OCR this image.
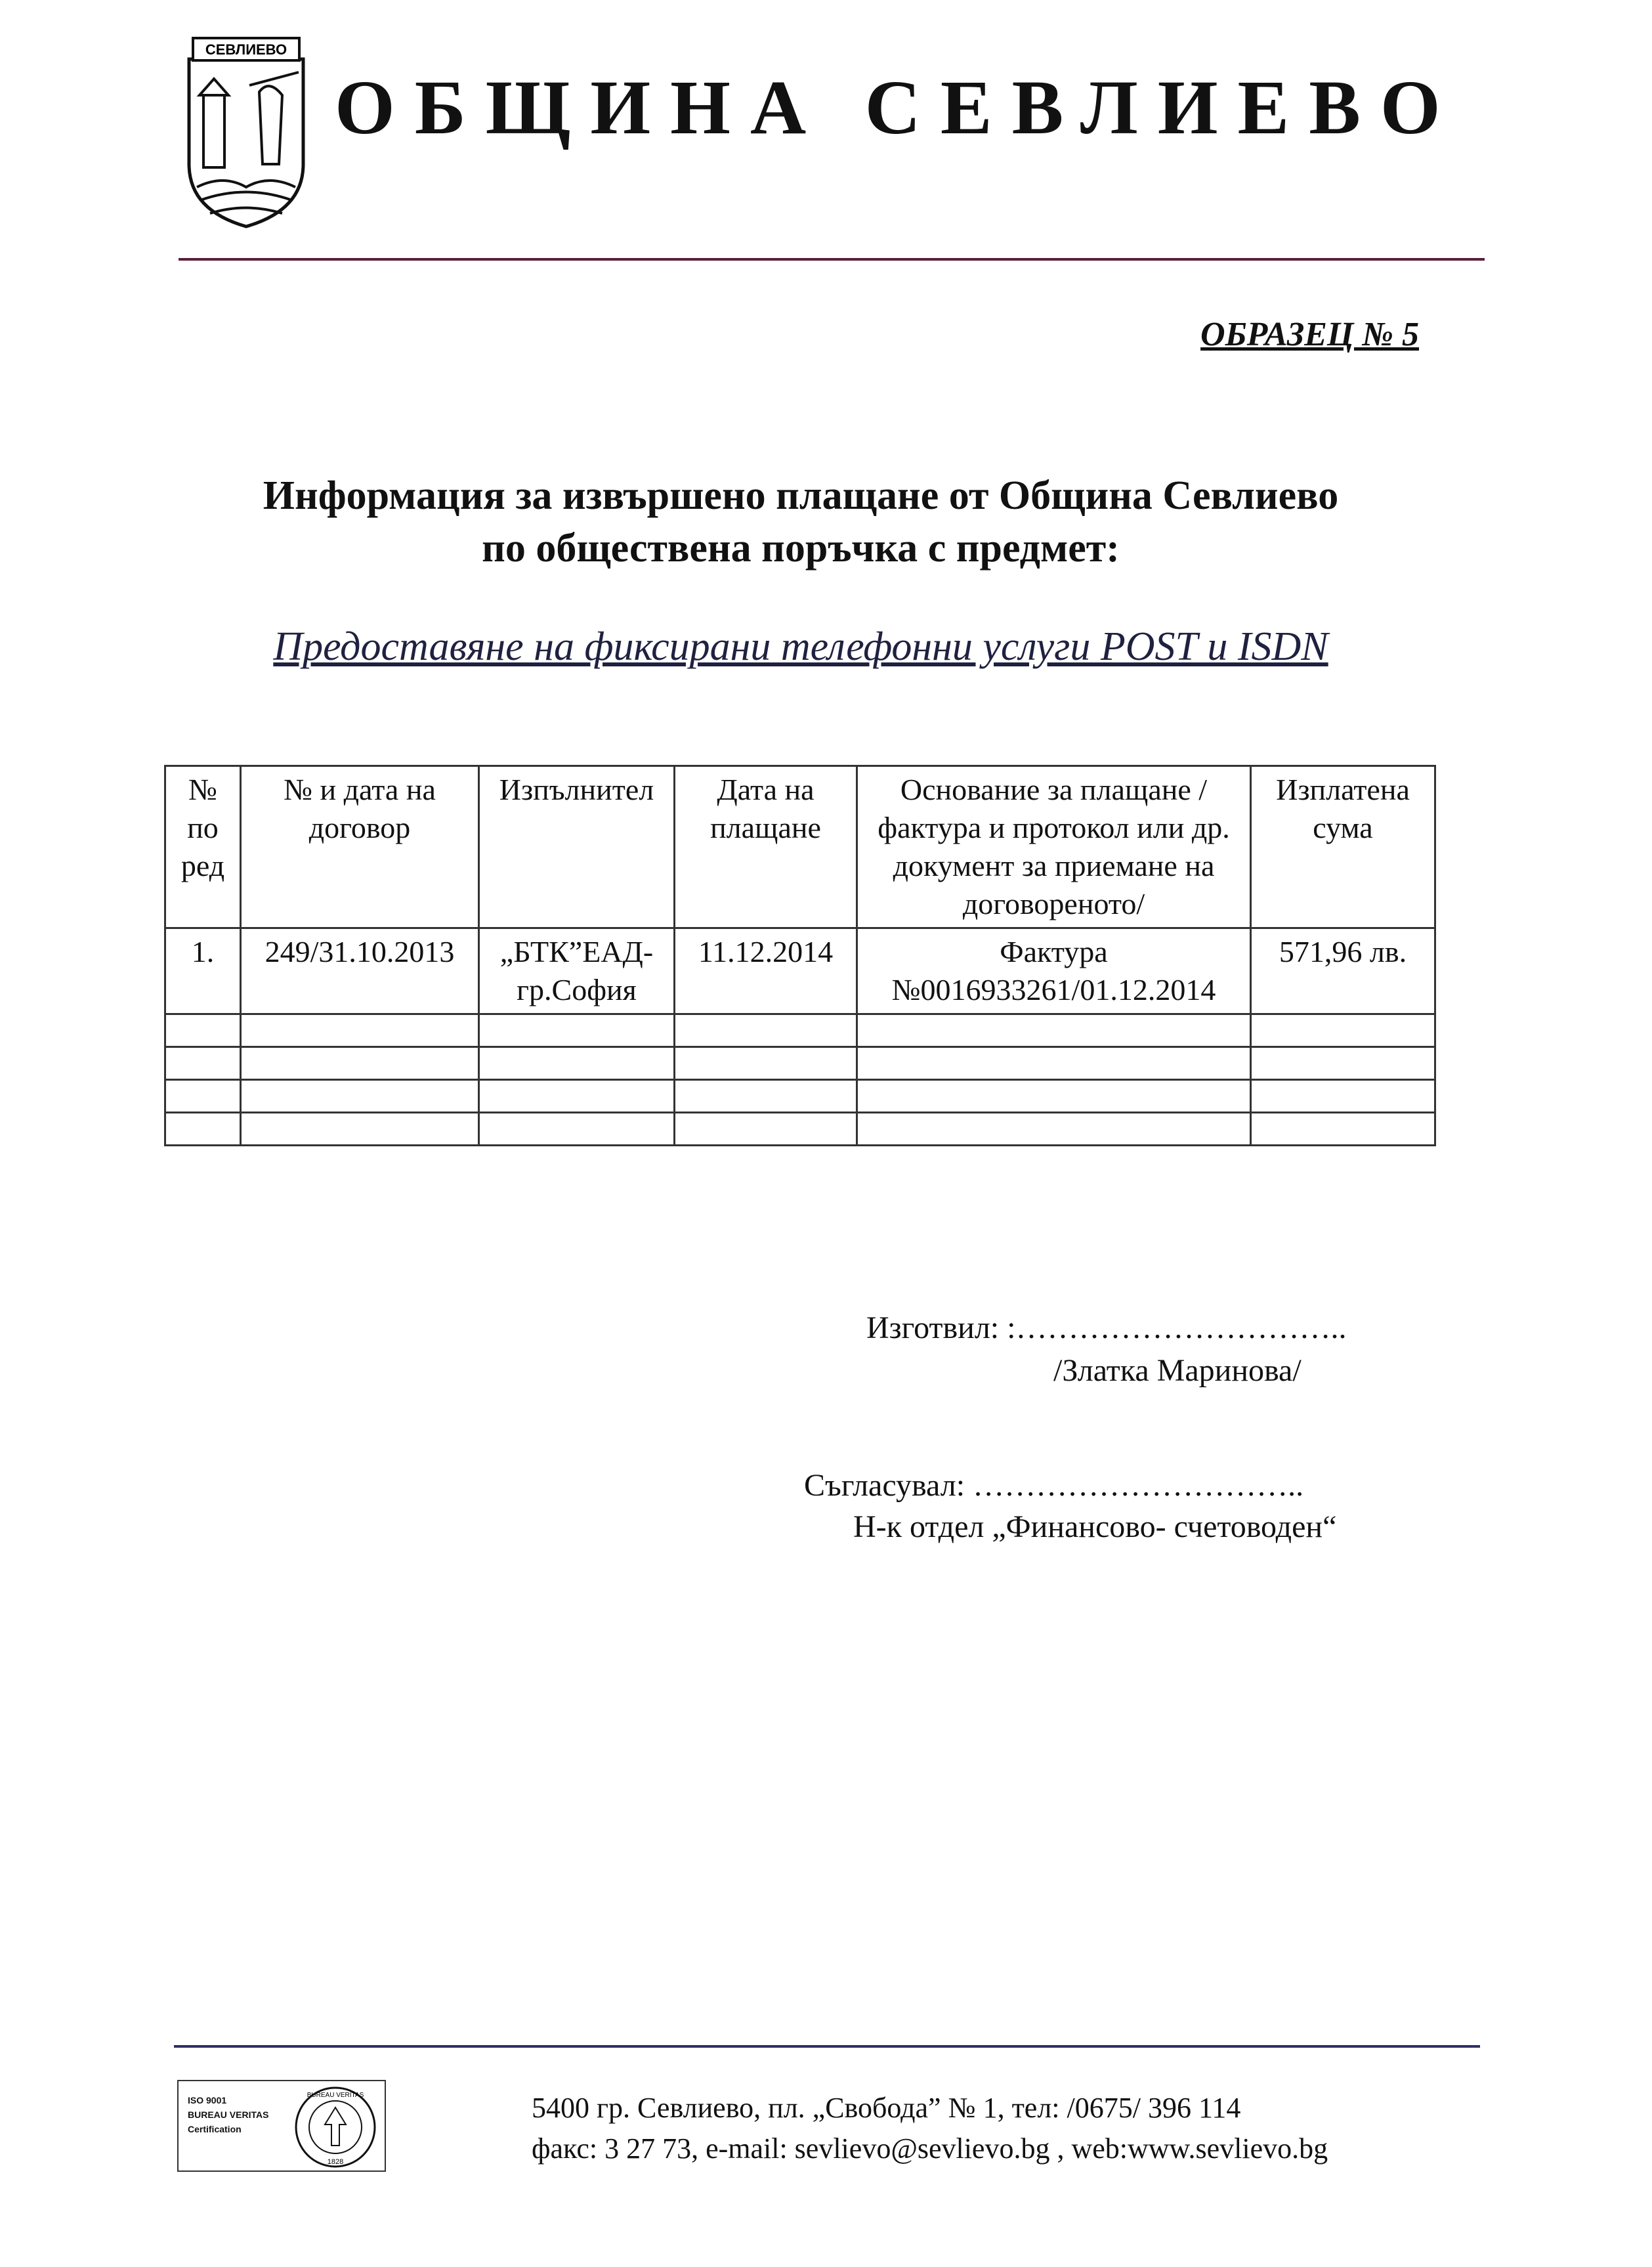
СЕВЛИЕВО
ОБЩИНА СЕВЛИЕВО
ОБРАЗЕЦ № 5
Информация за извършено плащане от Община Севлиево
по обществена поръчка с предмет:
Предоставяне на фиксирани телефонни услуги POST и ISDN
№ по ред	№ и дата на договор	Изпълнител	Дата на плащане	Основание за плащане /фактура и протокол или др. документ за приемане на договореното/	Изплатена сума
1.	249/31.10.2013	„БТК”ЕАД-гр.София	11.12.2014	Фактура №0016933261/01.12.2014	571,96 лв.

Изготвил: :…………………………..
/Златка Маринова/
Съгласувал: …………………………..
Н-к отдел „Финансово- счетоводен“
ISO 9001
BUREAU VERITAS
Certification
BUREAU VERITAS
1828
5400 гр. Севлиево, пл. „Свобода” № 1, тел: /0675/ 396 114
факс: 3 27 73, e-mail: sevlievo@sevlievo.bg , web:www.sevlievo.bg
